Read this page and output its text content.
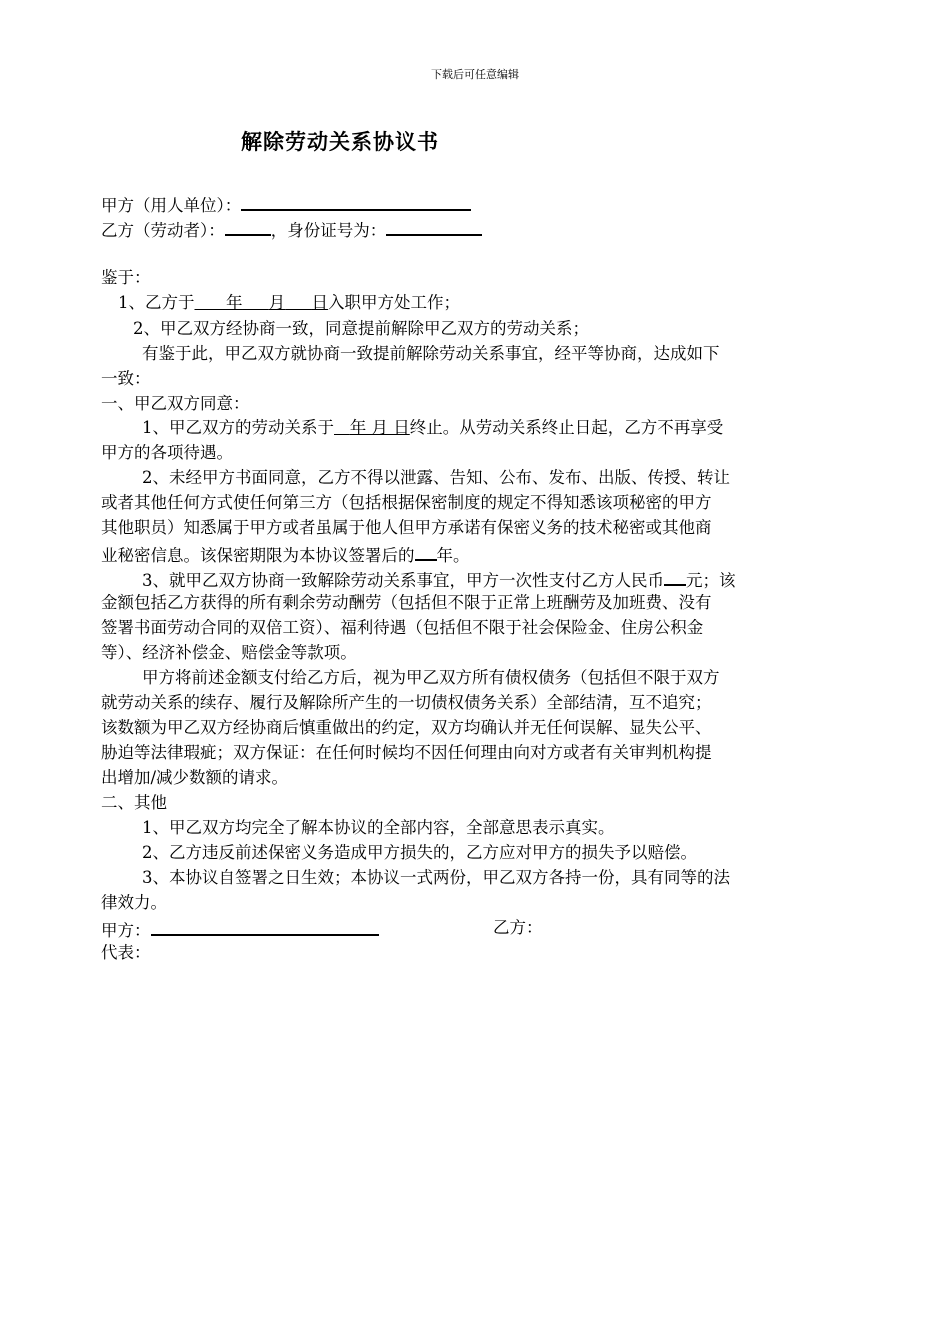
下载后可任意编辑
解除劳动关系协议书
甲方（用人单位）：
乙方（劳动者）：	，身份证号为：
鉴于：
1、乙方于 年 月 日入职甲方处工作；
2、甲乙双方经协商一致，同意提前解除甲乙双方的劳动关系；
有鉴于此，甲乙双方就协商一致提前解除劳动关系事宜，经平等协商，达成如下
一致：
一、甲乙双方同意：
1、甲乙双方的劳动关系于 年 月 日终止。从劳动关系终止日起，乙方不再享受
甲方的各项待遇。
2、未经甲方书面同意，乙方不得以泄露、告知、公布、发布、出版、传授、转让
或者其他任何方式使任何第三方（包括根据保密制度的规定不得知悉该项秘密的甲方
其他职员）知悉属于甲方或者虽属于他人但甲方承诺有保密义务的技术秘密或其他商
业秘密信息。该保密期限为本协议签署后的 年。
3、就甲乙双方协商一致解除劳动关系事宜，甲方一次性支付乙方人民币 元；该
金额包括乙方获得的所有剩余劳动酬劳（包括但不限于正常上班酬劳及加班费、没有
签署书面劳动合同的双倍工资）、福利待遇（包括但不限于社会保险金、住房公积金
等）、经济补偿金、赔偿金等款项。
甲方将前述金额支付给乙方后，视为甲乙双方所有债权债务（包括但不限于双方
就劳动关系的续存、履行及解除所产生的一切债权债务关系）全部结清，互不追究；
该数额为甲乙双方经协商后慎重做出的约定，双方均确认并无任何误解、显失公平、
胁迫等法律瑕疵；双方保证：在任何时候均不因任何理由向对方或者有关审判机构提
出增加/减少数额的请求。
二、其他
1、甲乙双方均完全了解本协议的全部内容，全部意思表示真实。
2、乙方违反前述保密义务造成甲方损失的，乙方应对甲方的损失予以赔偿。
3、本协议自签署之日生效；本协议一式两份，甲乙双方各持一份，具有同等的法
律效力。
甲方：	乙方：
代表：
